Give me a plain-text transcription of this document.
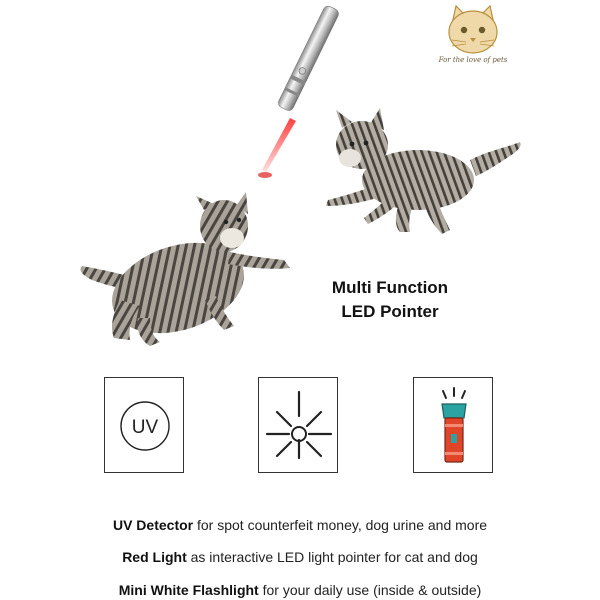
For the love of pets
Multi Function
LED Pointer
UV
UV Detector for spot counterfeit money, dog urine and more
Red Light as interactive LED light pointer for cat and dog
Mini White Flashlight for your daily use (inside & outside)
